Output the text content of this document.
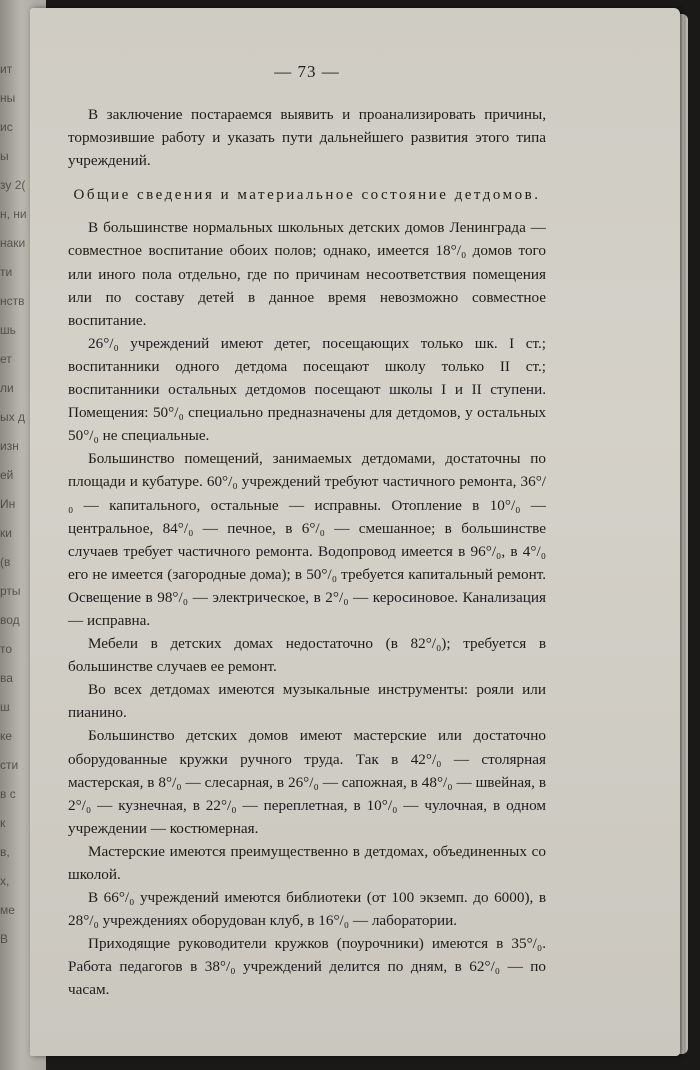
ит
ны
ис
ы
зу 2(
н, ни
наки
ти
нств
шь
ет
ли
ых д
изн
ей
Ин
ки
(в
рты
вод
то
ва
ш
ке
сти
в с
к
в,
х,
ме
В
— 73 —

В заключение постараемся выявить и проанализировать причины, тормозившие работу и указать пути дальнейшего развития этого типа учреждений.

Общие сведения и материальное состояние детдомов.

В большинстве нормальных школьных детских домов Ленинграда — совместное воспитание обоих полов; однако, имеется 18°/₀ домов того или иного пола отдельно, где по причинам несоответствия помещения или по составу детей в данное время невозможно совместное воспитание.

26°/₀ учреждений имеют детег, посещающих только шк. I ст.; воспитанники одного детдома посещают школу только II ст.; воспитанники остальных детдомов посещают школы I и II ступени. Помещения: 50°/₀ специально предназначены для детдомов, у остальных 50°/₀ не специальные.

Большинство помещений, занимаемых детдомами, достаточны по площади и кубатуре. 60°/₀ учреждений требуют частичного ремонта, 36°/₀ — капитального, остальные — исправны. Отопление в 10°/₀ — центральное, 84°/₀ — печное, в 6°/₀ — смешанное; в большинстве случаев требует частичного ремонта. Водопровод имеется в 96°/₀, в 4°/₀ его не имеется (загородные дома); в 50°/₀ требуется капитальный ремонт. Освещение в 98°/₀ — электрическое, в 2°/₀ — керосиновое. Канализация — исправна.

Мебели в детских домах недостаточно (в 82°/₀); требуется в большинстве случаев ее ремонт.

Во всех детдомах имеются музыкальные инструменты: рояли или пианино.

Большинство детских домов имеют мастерские или достаточно оборудованные кружки ручного труда. Так в 42°/₀ — столярная мастерская, в 8°/₀ — слесарная, в 26°/₀ — сапожная, в 48°/₀ — швейная, в 2°/₀ — кузнечная, в 22°/₀ — переплетная, в 10°/₀ — чулочная, в одном учреждении — костюмерная.

Мастерские имеются преимущественно в детдомах, объединенных со школой.

В 66°/₀ учреждений имеются библиотеки (от 100 экземп. до 6000), в 28°/₀ учреждениях оборудован клуб, в 16°/₀ — лаборатории.

Приходящие руководители кружков (поурочники) имеются в 35°/₀. Работа педагогов в 38°/₀ учреждений делится по дням, в 62°/₀ — по часам.
